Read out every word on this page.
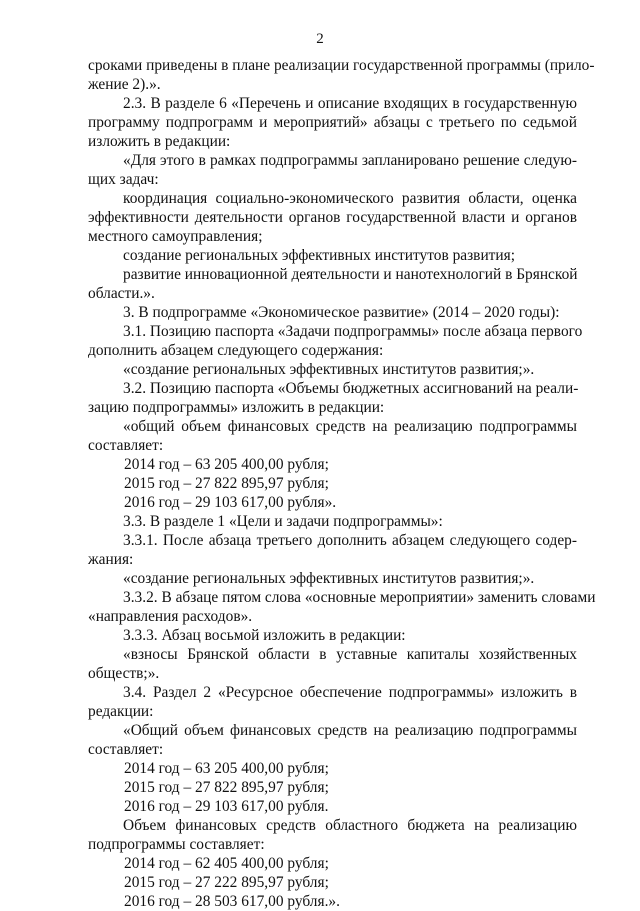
2
сроками приведены в плане реализации государственной программы (прило-
жение 2).».
2.3. В разделе 6 «Перечень и описание входящих в государственную
программу подпрограмм и мероприятий» абзацы с третьего по седьмой
изложить в редакции:
«Для этого в рамках подпрограммы запланировано решение следую-
щих задач:
координация социально-экономического развития области, оценка
эффективности деятельности органов государственной власти и органов
местного самоуправления;
создание региональных эффективных институтов развития;
развитие инновационной деятельности и нанотехнологий в Брянской
области.».
3. В подпрограмме «Экономическое развитие» (2014 – 2020 годы):
3.1. Позицию паспорта «Задачи подпрограммы» после абзаца первого
дополнить абзацем следующего содержания:
«создание региональных эффективных институтов развития;».
3.2. Позицию паспорта «Объемы бюджетных ассигнований на реали-
зацию подпрограммы» изложить в редакции:
«общий объем финансовых средств на реализацию подпрограммы
составляет:
2014 год – 63 205 400,00 рубля;
2015 год – 27 822 895,97 рубля;
2016 год – 29 103 617,00 рубля».
3.3. В разделе 1 «Цели и задачи подпрограммы»:
3.3.1. После абзаца третьего дополнить абзацем следующего содер-
жания:
«создание региональных эффективных институтов развития;».
3.3.2. В абзаце пятом слова «основные мероприятии» заменить словами
«направления расходов».
3.3.3. Абзац восьмой изложить в редакции:
«взносы Брянской области в уставные капиталы хозяйственных
обществ;».
3.4. Раздел 2 «Ресурсное обеспечение подпрограммы» изложить в
редакции:
«Общий объем финансовых средств на реализацию подпрограммы
составляет:
2014 год – 63 205 400,00 рубля;
2015 год – 27 822 895,97 рубля;
2016 год – 29 103 617,00 рубля.
Объем финансовых средств областного бюджета на реализацию
подпрограммы составляет:
2014 год – 62 405 400,00 рубля;
2015 год – 27 222 895,97 рубля;
2016 год – 28 503 617,00 рубля.».
